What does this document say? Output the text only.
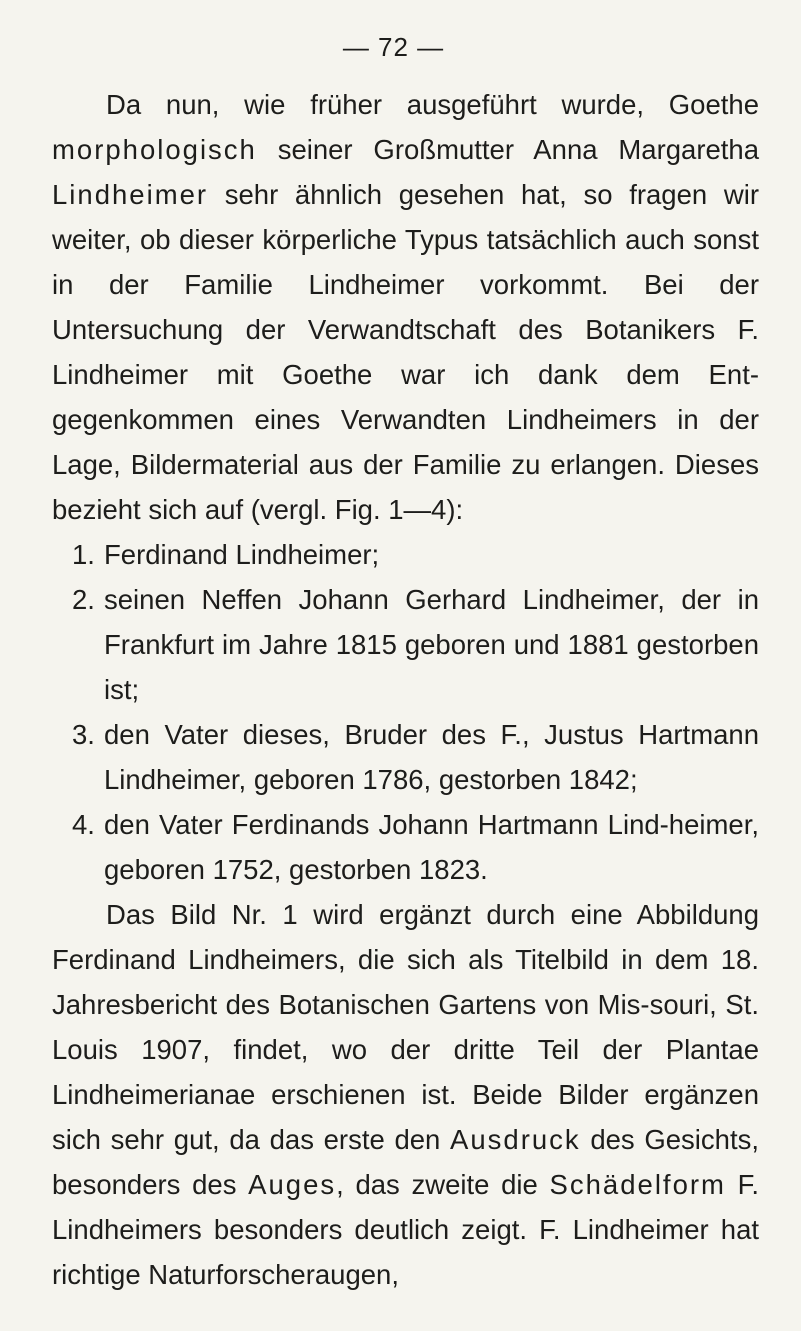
— 72 —

Da nun, wie früher ausgeführt wurde, Goethe morphologisch seiner Großmutter Anna Margaretha Lindheimer sehr ähnlich gesehen hat, so fragen wir weiter, ob dieser körperliche Typus tatsächlich auch sonst in der Familie Lindheimer vorkommt. Bei der Untersuchung der Verwandtschaft des Botanikers F. Lindheimer mit Goethe war ich dank dem Ent-gegenkommen eines Verwandten Lindheimers in der Lage, Bildermaterial aus der Familie zu erlangen. Dieses bezieht sich auf (vergl. Fig. 1—4):

1. Ferdinand Lindheimer;
2. seinen Neffen Johann Gerhard Lindheimer, der in Frankfurt im Jahre 1815 geboren und 1881 gestorben ist;
3. den Vater dieses, Bruder des F., Justus Hartmann Lindheimer, geboren 1786, gestorben 1842;
4. den Vater Ferdinands Johann Hartmann Lind-heimer, geboren 1752, gestorben 1823.

Das Bild Nr. 1 wird ergänzt durch eine Abbildung Ferdinand Lindheimers, die sich als Titelbild in dem 18. Jahresbericht des Botanischen Gartens von Mis-souri, St. Louis 1907, findet, wo der dritte Teil der Plantae Lindheimerianae erschienen ist. Beide Bilder ergänzen sich sehr gut, da das erste den Ausdruck des Gesichts, besonders des Auges, das zweite die Schädelform F. Lindheimers besonders deutlich zeigt. F. Lindheimer hat richtige Naturforscheraugen,
